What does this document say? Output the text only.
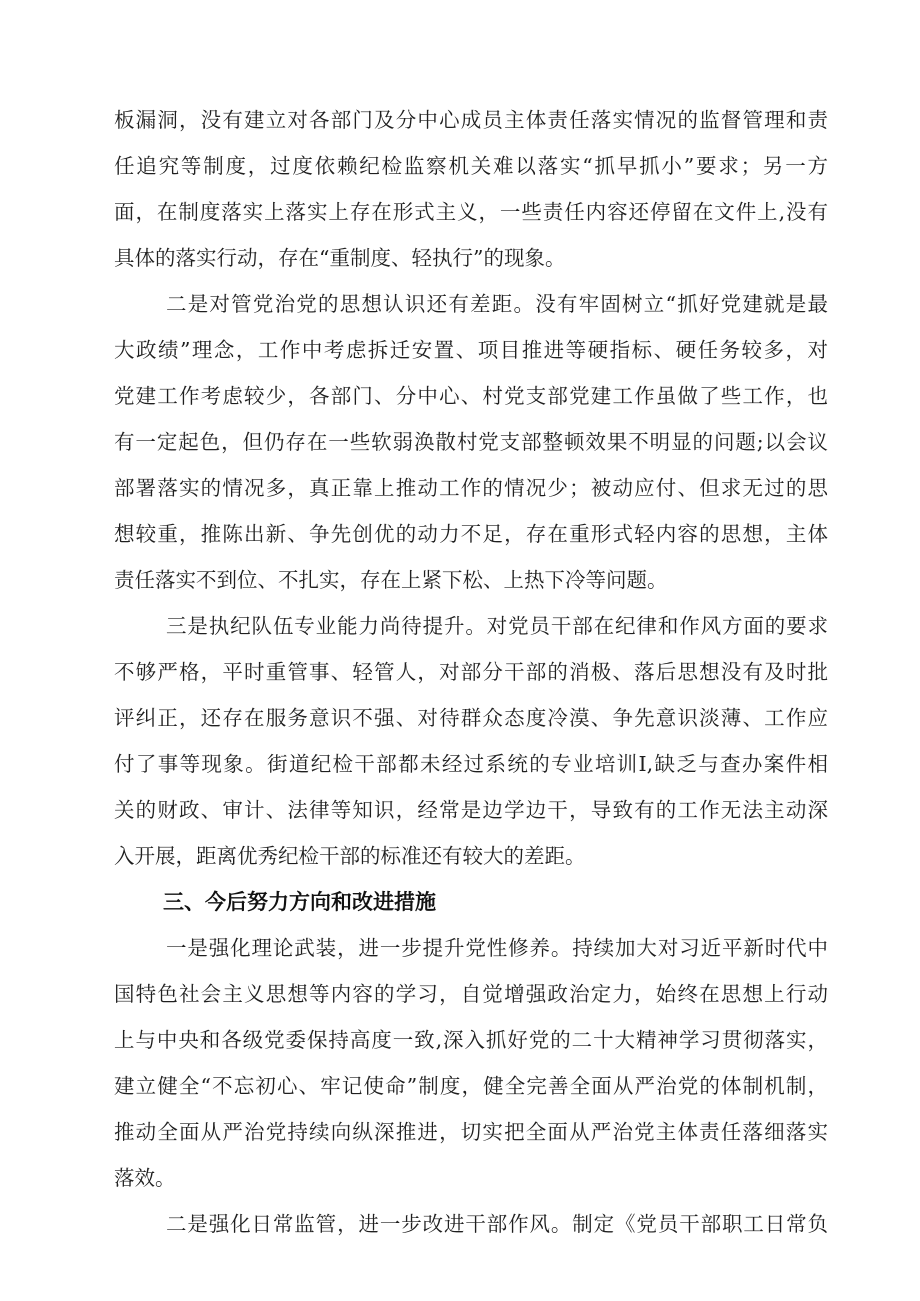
板漏洞，没有建立对各部门及分中心成员主体责任落实情况的监督管理和责
任追究等制度，过度依赖纪检监察机关难以落实“抓早抓小”要求；另一方
面，在制度落实上落实上存在形式主义，一些责任内容还停留在文件上,没有
具体的落实行动，存在“重制度、轻执行”的现象。
二是对管党治党的思想认识还有差距。没有牢固树立“抓好党建就是最
大政绩”理念，工作中考虑拆迁安置、项目推进等硬指标、硬任务较多，对
党建工作考虑较少，各部门、分中心、村党支部党建工作虽做了些工作，也
有一定起色，但仍存在一些软弱涣散村党支部整顿效果不明显的问题;以会议
部署落实的情况多，真正靠上推动工作的情况少；被动应付、但求无过的思
想较重，推陈出新、争先创优的动力不足，存在重形式轻内容的思想，主体
责任落实不到位、不扎实，存在上紧下松、上热下冷等问题。
三是执纪队伍专业能力尚待提升。对党员干部在纪律和作风方面的要求
不够严格，平时重管事、轻管人，对部分干部的消极、落后思想没有及时批
评纠正，还存在服务意识不强、对待群众态度冷漠、争先意识淡薄、工作应
付了事等现象。街道纪检干部都未经过系统的专业培训I,缺乏与查办案件相
关的财政、审计、法律等知识，经常是边学边干，导致有的工作无法主动深
入开展，距离优秀纪检干部的标准还有较大的差距。
三、今后努力方向和改进措施
一是强化理论武装，进一步提升党性修养。持续加大对习近平新时代中
国特色社会主义思想等内容的学习，自觉增强政治定力，始终在思想上行动
上与中央和各级党委保持高度一致,深入抓好党的二十大精神学习贯彻落实，
建立健全“不忘初心、牢记使命”制度，健全完善全面从严治党的体制机制，
推动全面从严治党持续向纵深推进，切实把全面从严治党主体责任落细落实
落效。
二是强化日常监管，进一步改进干部作风。制定《党员干部职工日常负
